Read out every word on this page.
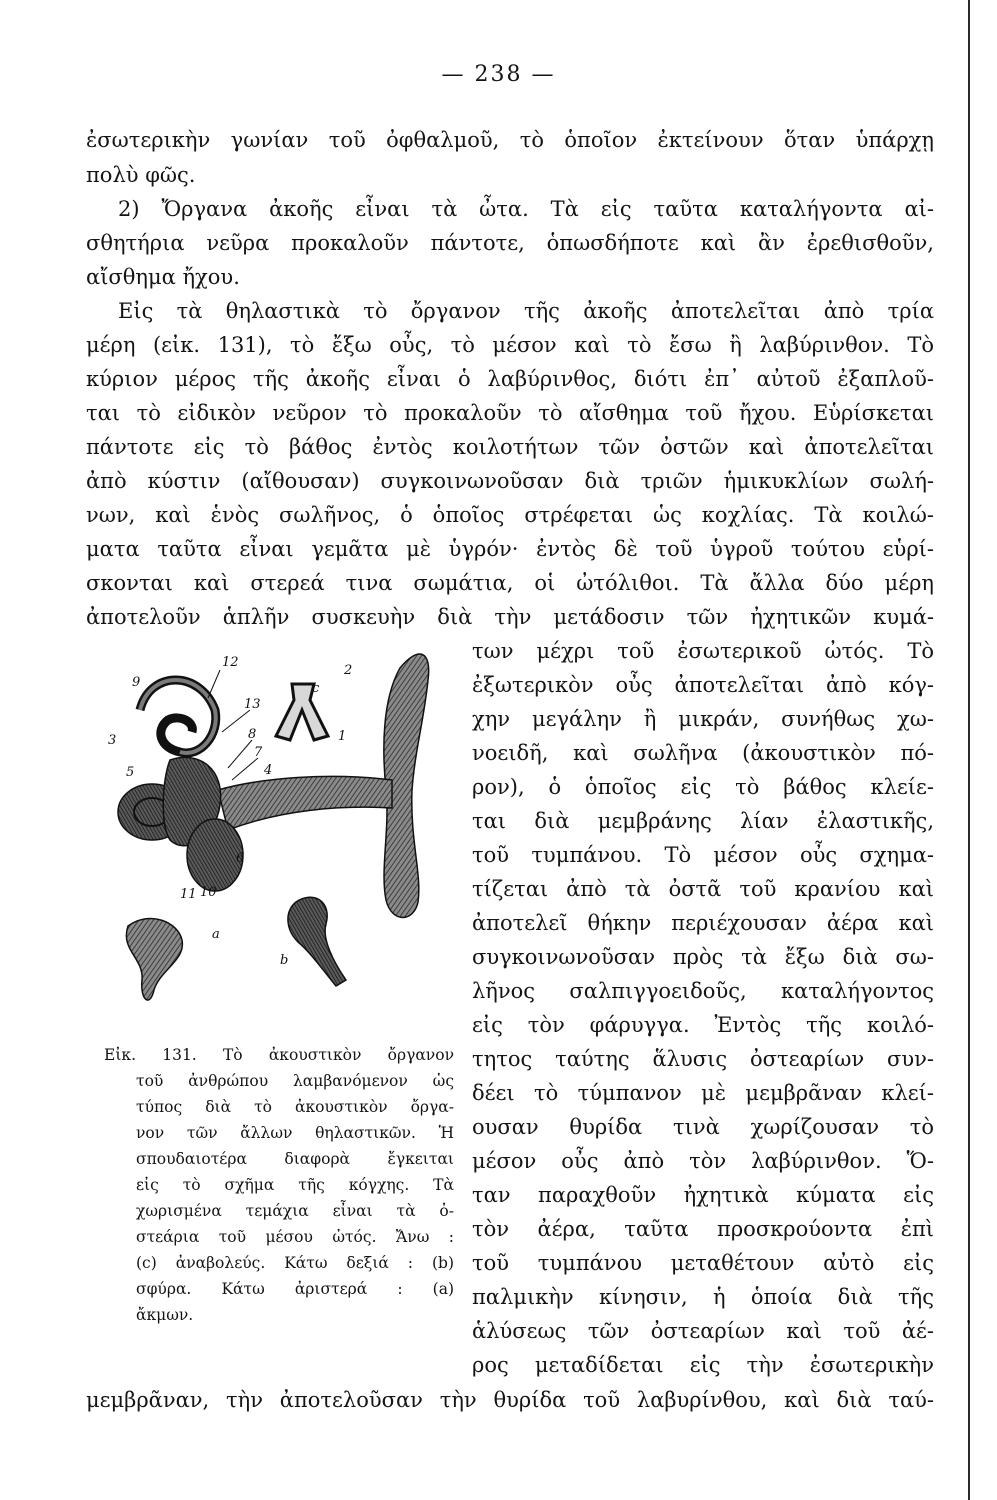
— 238 —
ἐσωτερικὴν γωνίαν τοῦ ὀφθαλμοῦ, τὸ ὁποῖον ἐκτείνουν ὅταν ὑπάρχῃ
πολὺ φῶς.
2) Ὄργανα ἀκοῆς εἶναι τὰ ὦτα. Τὰ εἰς ταῦτα καταλήγοντα αἰ-
σθητήρια νεῦρα προκαλοῦν πάντοτε, ὁπωσδήποτε καὶ ἂν ἐρεθισθοῦν,
αἴσθημα ἤχου.
Εἰς τὰ θηλαστικὰ τὸ ὄργανον τῆς ἀκοῆς ἀποτελεῖται ἀπὸ τρία
μέρη (εἰκ. 131), τὸ ἔξω οὖς, τὸ μέσον καὶ τὸ ἔσω ἢ λαβύρινθον. Τὸ
κύριον μέρος τῆς ἀκοῆς εἶναι ὁ λαβύρινθος, διότι ἐπ᾽ αὐτοῦ ἐξαπλοῦ-
ται τὸ εἰδικὸν νεῦρον τὸ προκαλοῦν τὸ αἴσθημα τοῦ ἤχου. Εὑρίσκεται
πάντοτε εἰς τὸ βάθος ἐντὸς κοιλοτήτων τῶν ὀστῶν καὶ ἀποτελεῖται
ἀπὸ κύστιν (αἴθουσαν) συγκοινωνοῦσαν διὰ τριῶν ἡμικυκλίων σωλή-
νων, καὶ ἑνὸς σωλῆνος, ὁ ὁποῖος στρέφεται ὡς κοχλίας. Τὰ κοιλώ-
ματα ταῦτα εἶναι γεμᾶτα μὲ ὑγρόν· ἐντὸς δὲ τοῦ ὑγροῦ τούτου εὑρί-
σκονται καὶ στερεά τινα σωμάτια, οἱ ὠτόλιθοι. Τὰ ἄλλα δύο μέρη
ἀποτελοῦν ἁπλῆν συσκευὴν διὰ τὴν μετάδοσιν τῶν ἠχητικῶν κυμά-
των μέχρι τοῦ ἐσωτερικοῦ ὠτός. Τὸ
ἐξωτερικὸν οὖς ἀποτελεῖται ἀπὸ κόγ-
χην μεγάλην ἢ μικράν, συνήθως χω-
νοειδῆ, καὶ σωλῆνα (ἀκουστικὸν πό-
ρον), ὁ ὁποῖος εἰς τὸ βάθος κλείε-
ται διὰ μεμβράνης λίαν ἐλαστικῆς,
τοῦ τυμπάνου. Τὸ μέσον οὖς σχημα-
τίζεται ἀπὸ τὰ ὀστᾶ τοῦ κρανίου καὶ
ἀποτελεῖ θήκην περιέχουσαν ἀέρα καὶ
συγκοινωνοῦσαν πρὸς τὰ ἔξω διὰ σω-
λῆνος σαλπιγγοειδοῦς, καταλήγοντος
εἰς τὸν φάρυγγα. Ἐντὸς τῆς κοιλό-
τητος ταύτης ἅλυσις ὀστεαρίων συν-
δέει τὸ τύμπανον μὲ μεμβρᾶναν κλεί-
ουσαν θυρίδα τινὰ χωρίζουσαν τὸ
μέσον οὖς ἀπὸ τὸν λαβύρινθον. Ὅ-
ταν παραχθοῦν ἠχητικὰ κύματα εἰς
τὸν ἀέρα, ταῦτα προσκρούοντα ἐπὶ
τοῦ τυμπάνου μεταθέτουν αὐτὸ εἰς
παλμικὴν κίνησιν, ἡ ὁποία διὰ τῆς
ἁλύσεως τῶν ὀστεαρίων καὶ τοῦ ἀέ-
ρος μεταδίδεται εἰς τὴν ἐσωτερικὴν
μεμβρᾶναν, τὴν ἀποτελοῦσαν τὴν θυρίδα τοῦ λαβυρίνθου, καὶ διὰ ταύ-
12
2
9
13
c
8
7
1
3
4
5
6
11 10
a
b
Εἰκ. 131. Τὸ ἀκουστικὸν ὄργανον
τοῦ ἀνθρώπου λαμβανόμενον ὡς
τύπος διὰ τὸ ἀκουστικὸν ὄργα-
νον τῶν ἄλλων θηλαστικῶν. Ἡ
σπουδαιοτέρα διαφορὰ ἔγκειται
εἰς τὸ σχῆμα τῆς κόγχης. Τὰ
χωρισμένα τεμάχια εἶναι τὰ ὀ-
στεάρια τοῦ μέσου ὠτός. Ἄνω :
(c) ἀναβολεύς. Κάτω δεξιά : (b)
σφύρα. Κάτω ἀριστερά : (a)
ἄκμων.
